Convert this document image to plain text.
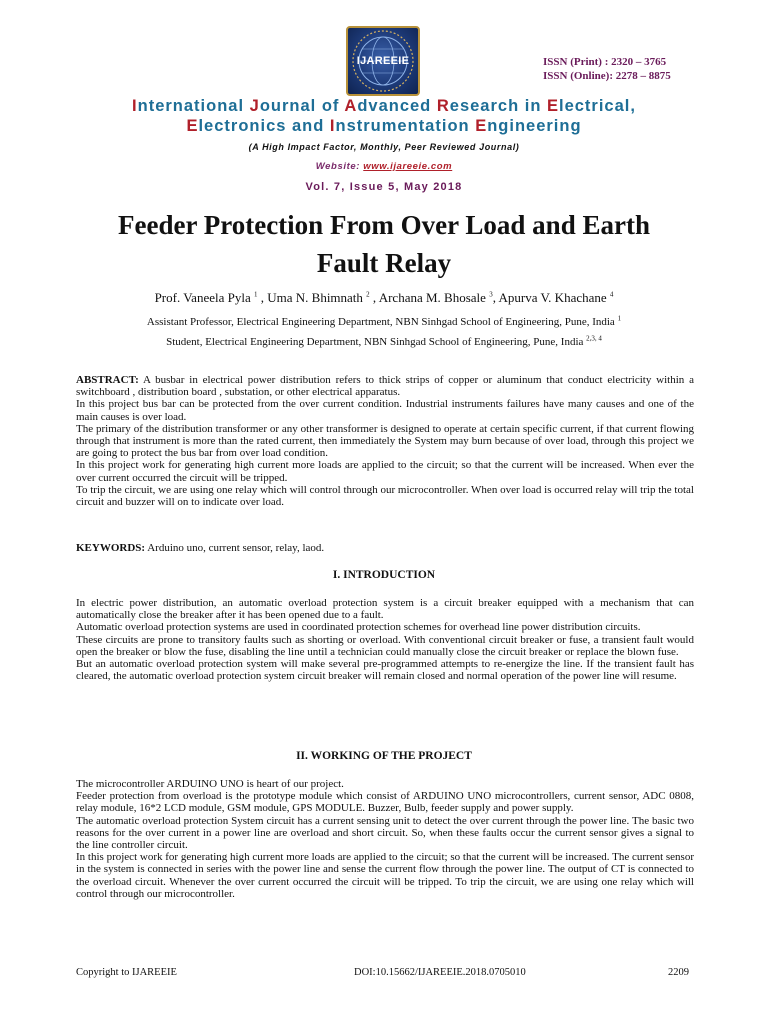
IJAREEIE	ISSN (Print) : 2320 – 3765
ISSN (Online): 2278 – 8875
International Journal of Advanced Research in Electrical,
Electronics and Instrumentation Engineering
(A High Impact Factor, Monthly, Peer Reviewed Journal)
Website: www.ijareeie.com
Vol. 7, Issue 5, May 2018
Feeder Protection From Over Load and Earth
Fault Relay
Prof. Vaneela Pyla $^1$ , Uma N. Bhimnath $^2$ , Archana M. Bhosale $^3$, Apurva V. Khachane $^4$
Assistant Professor, Electrical Engineering Department, NBN Sinhgad School of Engineering, Pune, India $^1$
Student, Electrical Engineering Department, NBN Sinhgad School of Engineering, Pune, India $^{2,3, 4}$

ABSTRACT: A busbar in electrical power distribution refers to thick strips of copper or aluminum that conduct electricity within a switchboard , distribution board , substation, or other electrical apparatus.

In this project bus bar can be protected from the over current condition. Industrial instruments failures have many causes and one of the main causes is over load.

The primary of the distribution transformer or any other transformer is designed to operate at certain specific current, if that current flowing through that instrument is more than the rated current, then immediately the System may burn because of over load, through this project we are going to protect the bus bar from over load condition.

In this project work for generating high current more loads are applied to the circuit; so that the current will be increased. When ever the over current occurred the circuit will be tripped.

To trip the circuit, we are using one relay which will control through our microcontroller. When over load is occurred relay will trip the total circuit and buzzer will on to indicate over load.

KEYWORDS: Arduino uno, current sensor, relay, laod.

I. INTRODUCTION

In electric power distribution, an automatic overload protection system is a circuit breaker equipped with a mechanism that can automatically close the breaker after it has been opened due to a fault.

Automatic overload protection systems are used in coordinated protection schemes for overhead line power distribution circuits.

These circuits are prone to transitory faults such as shorting or overload. With conventional circuit breaker or fuse, a transient fault would open the breaker or blow the fuse, disabling the line until a technician could manually close the circuit breaker or replace the blown fuse.

But an automatic overload protection system will make several pre-programmed attempts to re-energize the line. If the transient fault has cleared, the automatic overload protection system circuit breaker will remain closed and normal operation of the power line will resume.

II. WORKING OF THE PROJECT

The microcontroller ARDUINO UNO is heart of our project.

Feeder protection from overload is the prototype module which consist of ARDUINO UNO microcontrollers, current sensor, ADC 0808, relay module, 16*2 LCD module, GSM module, GPS MODULE. Buzzer, Bulb, feeder supply and power supply.

The automatic overload protection System circuit has a current sensing unit to detect the over current through the power line. The basic two reasons for the over current in a power line are overload and short circuit. So, when these faults occur the current sensor gives a signal to the line controller circuit.

In this project work for generating high current more loads are applied to the circuit; so that the current will be increased. The current sensor in the system is connected in series with the power line and sense the current flow through the power line. The output of CT is connected to the overload circuit. Whenever the over current occurred the circuit will be tripped. To trip the circuit, we are using one relay which will control through our microcontroller.

Copyright to IJAREEIE	DOI:10.15662/IJAREEIE.2018.0705010	2209
